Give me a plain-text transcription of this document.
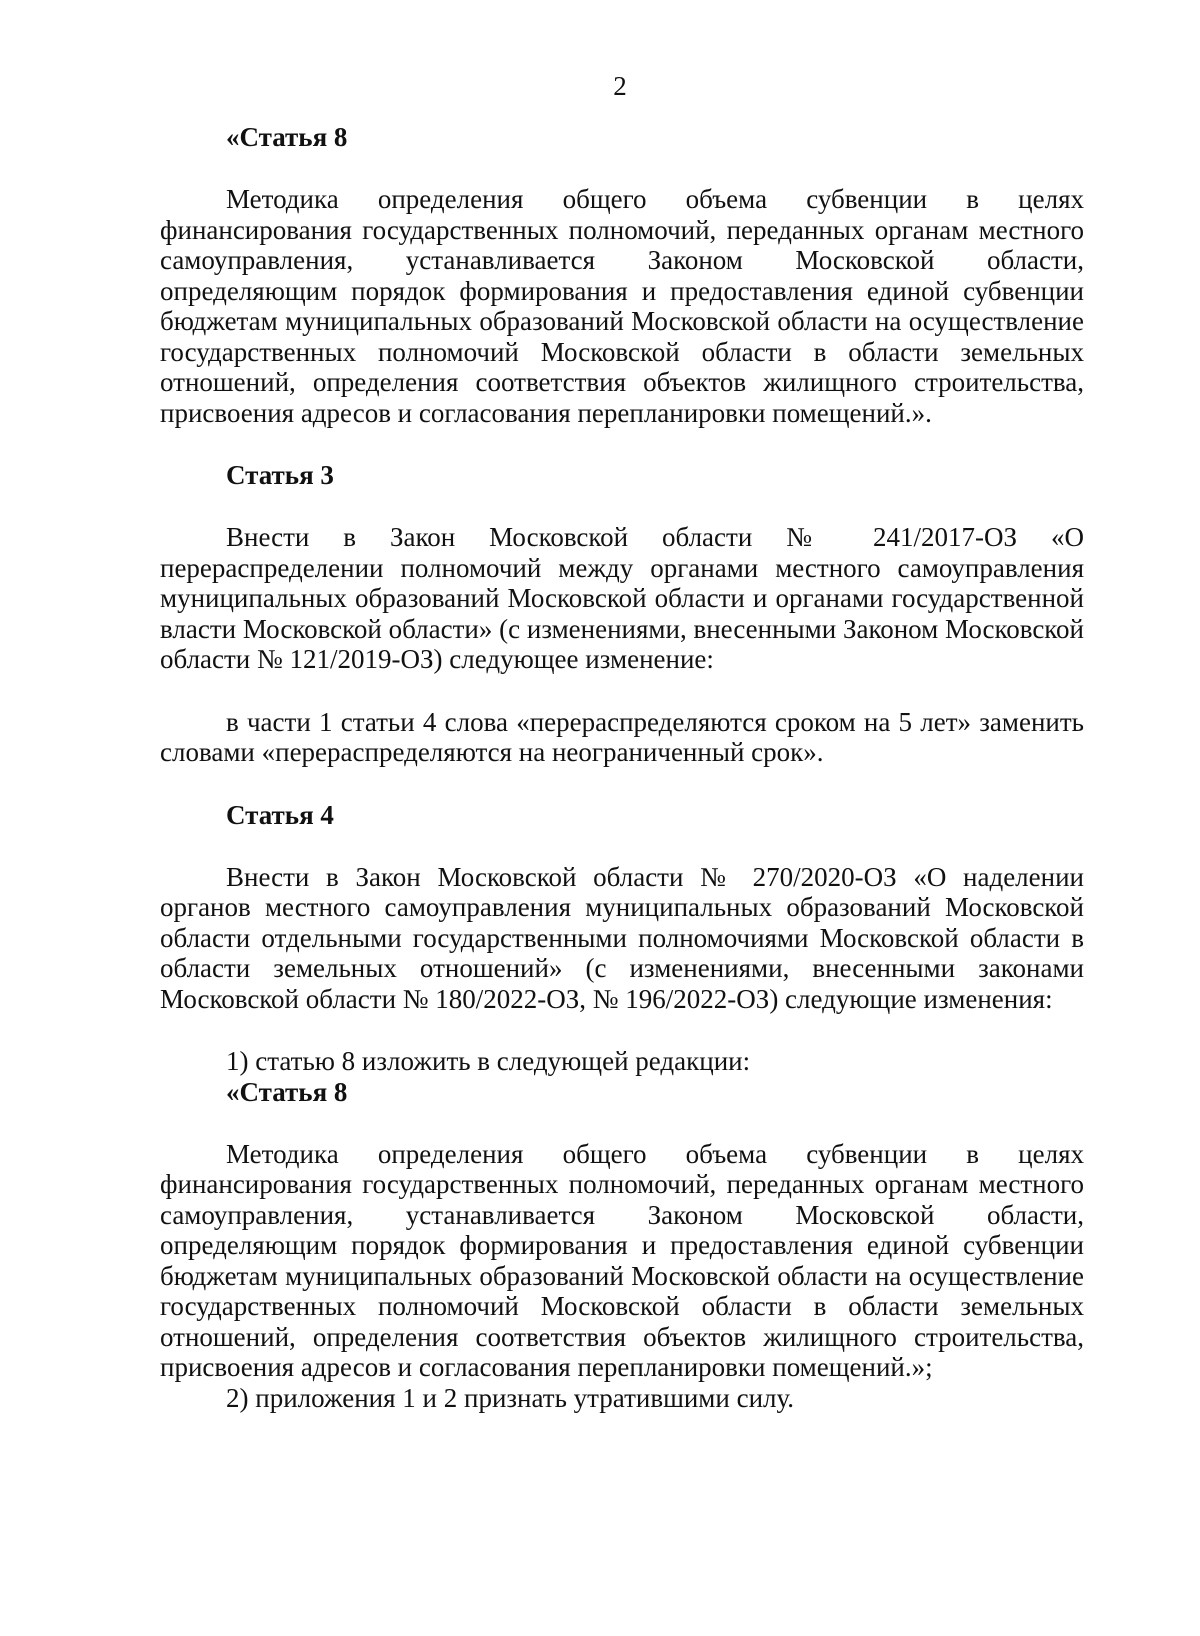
2

«Статья 8

Методика определения общего объема субвенции в целях финансирования государственных полномочий, переданных органам местного самоуправления, устанавливается Законом Московской области, определяющим порядок формирования и предоставления единой субвенции бюджетам муниципальных образований Московской области на осуществление государственных полномочий Московской области в области земельных отношений, определения соответствия объектов жилищного строительства, присвоения адресов и согласования перепланировки помещений.».

Статья 3

Внести в Закон Московской области № 241/2017-ОЗ «О перераспределении полномочий между органами местного самоуправления муниципальных образований Московской области и органами государственной власти Московской области» (с изменениями, внесенными Законом Московской области № 121/2019-ОЗ) следующее изменение:

в части 1 статьи 4 слова «перераспределяются сроком на 5 лет» заменить словами «перераспределяются на неограниченный срок».

Статья 4

Внести в Закон Московской области № 270/2020-ОЗ «О наделении органов местного самоуправления муниципальных образований Московской области отдельными государственными полномочиями Московской области в области земельных отношений» (с изменениями, внесенными законами Московской области № 180/2022-ОЗ, № 196/2022-ОЗ) следующие изменения:

1) статью 8 изложить в следующей редакции:

«Статья 8

Методика определения общего объема субвенции в целях финансирования государственных полномочий, переданных органам местного самоуправления, устанавливается Законом Московской области, определяющим порядок формирования и предоставления единой субвенции бюджетам муниципальных образований Московской области на осуществление государственных полномочий Московской области в области земельных отношений, определения соответствия объектов жилищного строительства, присвоения адресов и согласования перепланировки помещений.»;

2) приложения 1 и 2 признать утратившими силу.
